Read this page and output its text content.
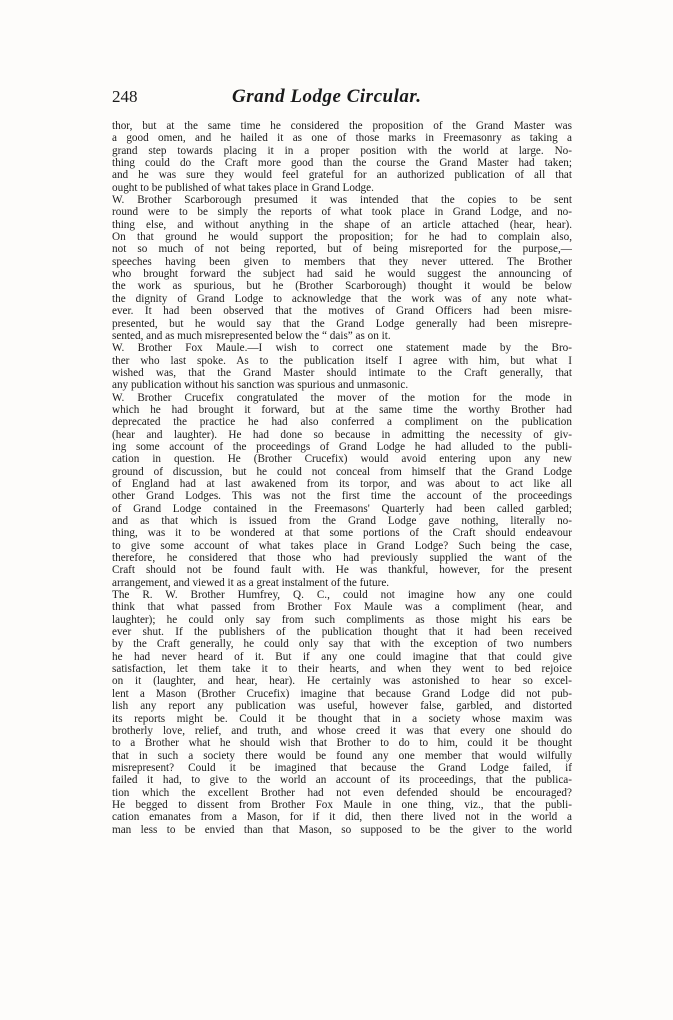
248	Grand Lodge Circular.
thor, but at the same time he considered the proposition of the Grand Master was
a good omen, and he hailed it as one of those marks in Freemasonry as taking a
grand step towards placing it in a proper position with the world at large. No-
thing could do the Craft more good than the course the Grand Master had taken;
and he was sure they would feel grateful for an authorized publication of all that
ought to be published of what takes place in Grand Lodge.
W. Brother Scarborough presumed it was intended that the copies to be sent
round were to be simply the reports of what took place in Grand Lodge, and no-
thing else, and without anything in the shape of an article attached (hear, hear).
On that ground he would support the proposition; for he had to complain also,
not so much of not being reported, but of being misreported for the purpose,—
speeches having been given to members that they never uttered. The Brother
who brought forward the subject had said he would suggest the announcing of
the work as spurious, but he (Brother Scarborough) thought it would be below
the dignity of Grand Lodge to acknowledge that the work was of any note what-
ever. It had been observed that the motives of Grand Officers had been misre-
presented, but he would say that the Grand Lodge generally had been misrepre-
sented, and as much misrepresented below the “ dais” as on it.
W. Brother Fox Maule.—I wish to correct one statement made by the Bro-
ther who last spoke. As to the publication itself I agree with him, but what I
wished was, that the Grand Master should intimate to the Craft generally, that
any publication without his sanction was spurious and unmasonic.
W. Brother Crucefix congratulated the mover of the motion for the mode in
which he had brought it forward, but at the same time the worthy Brother had
deprecated the practice he had also conferred a compliment on the publication
(hear and laughter). He had done so because in admitting the necessity of giv-
ing some account of the proceedings of Grand Lodge he had alluded to the publi-
cation in question. He (Brother Crucefix) would avoid entering upon any new
ground of discussion, but he could not conceal from himself that the Grand Lodge
of England had at last awakened from its torpor, and was about to act like all
other Grand Lodges. This was not the first time the account of the proceedings
of Grand Lodge contained in the Freemasons' Quarterly had been called garbled;
and as that which is issued from the Grand Lodge gave nothing, literally no-
thing, was it to be wondered at that some portions of the Craft should endeavour
to give some account of what takes place in Grand Lodge? Such being the case,
therefore, he considered that those who had previously supplied the want of the
Craft should not be found fault with. He was thankful, however, for the present
arrangement, and viewed it as a great instalment of the future.
The R. W. Brother Humfrey, Q. C., could not imagine how any one could
think that what passed from Brother Fox Maule was a compliment (hear, and
laughter); he could only say from such compliments as those might his ears be
ever shut. If the publishers of the publication thought that it had been received
by the Craft generally, he could only say that with the exception of two numbers
he had never heard of it. But if any one could imagine that that could give
satisfaction, let them take it to their hearts, and when they went to bed rejoice
on it (laughter, and hear, hear). He certainly was astonished to hear so excel-
lent a Mason (Brother Crucefix) imagine that because Grand Lodge did not pub-
lish any report any publication was useful, however false, garbled, and distorted
its reports might be. Could it be thought that in a society whose maxim was
brotherly love, relief, and truth, and whose creed it was that every one should do
to a Brother what he should wish that Brother to do to him, could it be thought
that in such a society there would be found any one member that would wilfully
misrepresent? Could it be imagined that because the Grand Lodge failed, if
failed it had, to give to the world an account of its proceedings, that the publica-
tion which the excellent Brother had not even defended should be encouraged?
He begged to dissent from Brother Fox Maule in one thing, viz., that the publi-
cation emanates from a Mason, for if it did, then there lived not in the world a
man less to be envied than that Mason, so supposed to be the giver to the world
